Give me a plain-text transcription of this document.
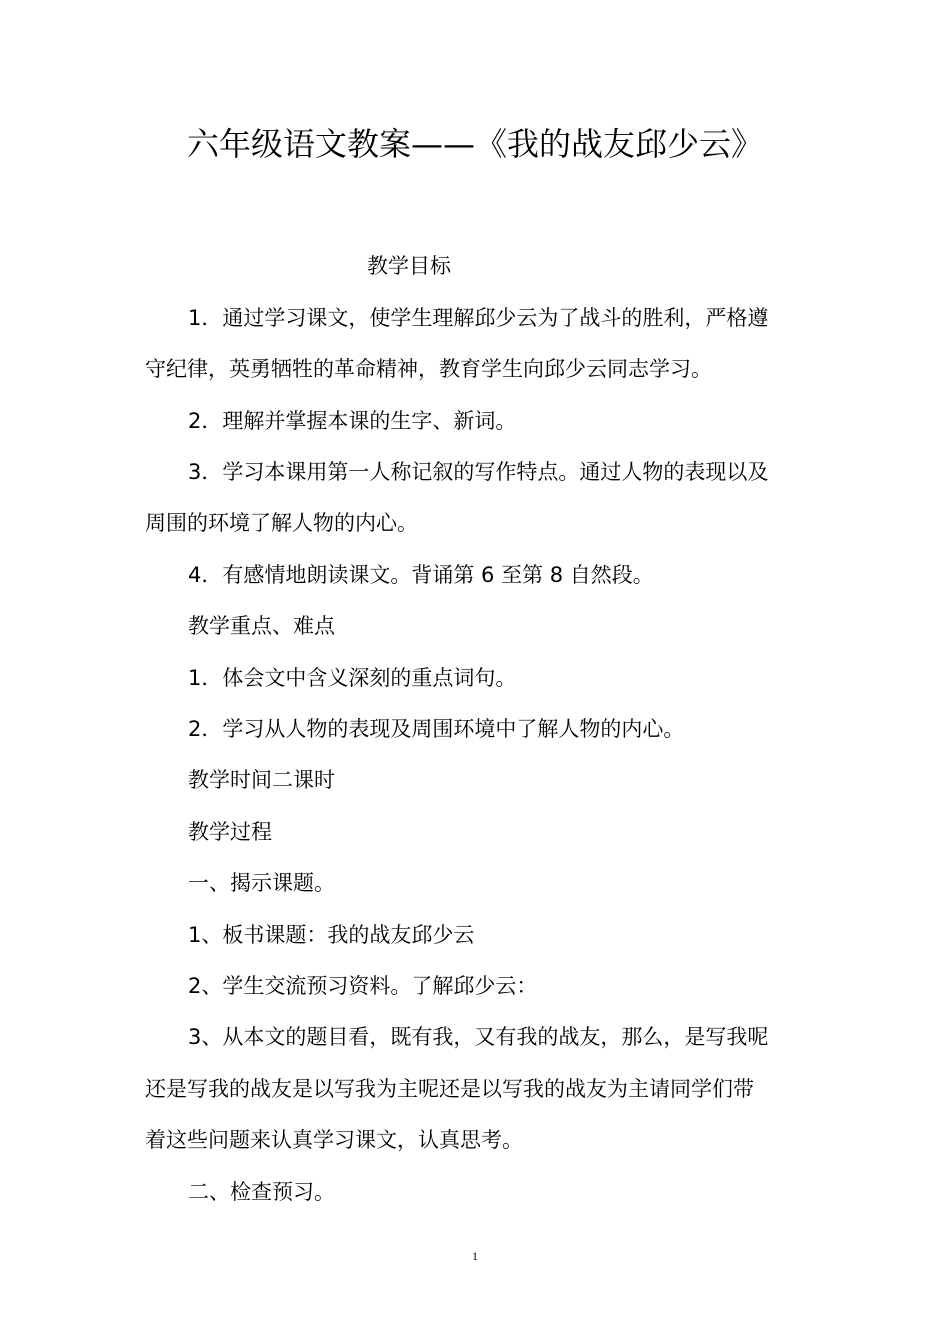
六年级语文教案——《我的战友邱少云》
教学目标
1．通过学习课文，使学生理解邱少云为了战斗的胜利，严格遵
守纪律，英勇牺牲的革命精神，教育学生向邱少云同志学习。
2．理解并掌握本课的生字、新词。
3．学习本课用第一人称记叙的写作特点。通过人物的表现以及
周围的环境了解人物的内心。
4．有感情地朗读课文。背诵第 6 至第 8 自然段。
教学重点、难点
1．体会文中含义深刻的重点词句。
2．学习从人物的表现及周围环境中了解人物的内心。
教学时间二课时
教学过程
一、揭示课题。
1、板书课题：我的战友邱少云
2、学生交流预习资料。了解邱少云：
3、从本文的题目看，既有我，又有我的战友，那么，是写我呢
还是写我的战友是以写我为主呢还是以写我的战友为主请同学们带
着这些问题来认真学习课文，认真思考。
二、检查预习。
1
